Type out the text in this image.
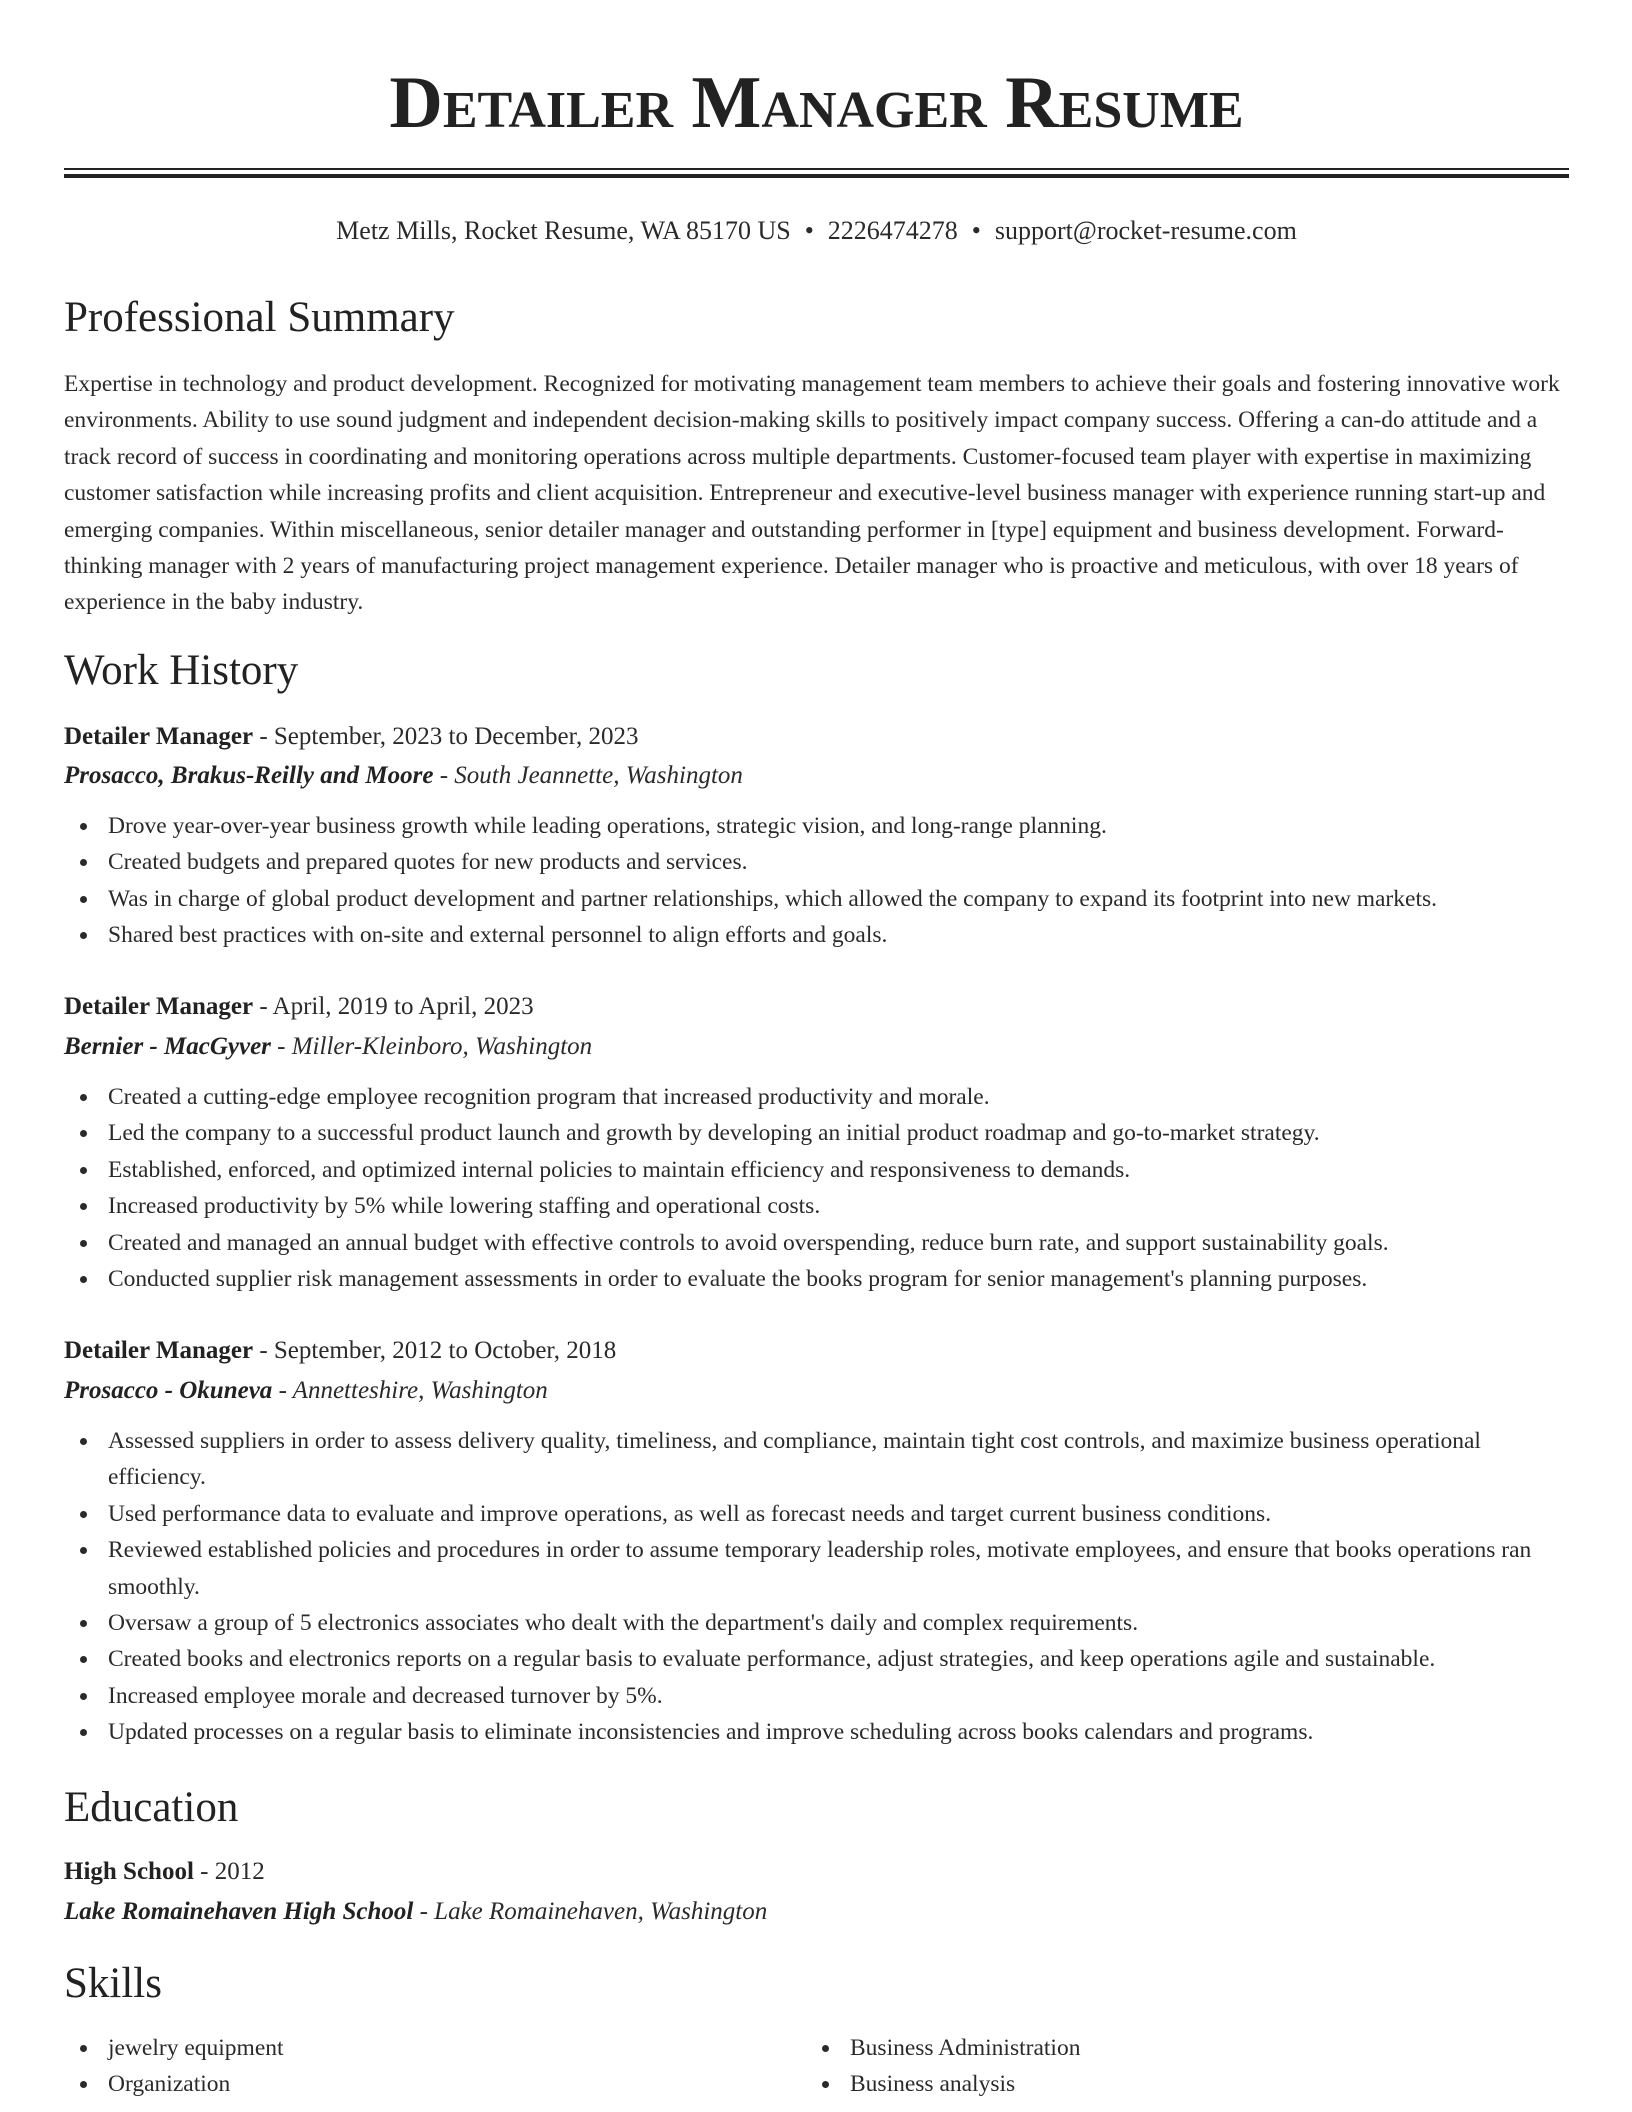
Detailer Manager Resume
Metz Mills, Rocket Resume, WA 85170 US • 2226474278 • support@rocket-resume.com
Professional Summary

Expertise in technology and product development. Recognized for motivating management team members to achieve their goals and fostering innovative work environments. Ability to use sound judgment and independent decision-making skills to positively impact company success. Offering a can-do attitude and a track record of success in coordinating and monitoring operations across multiple departments. Customer-focused team player with expertise in maximizing customer satisfaction while increasing profits and client acquisition. Entrepreneur and executive-level business manager with experience running start-up and emerging companies. Within miscellaneous, senior detailer manager and outstanding performer in [type] equipment and business development. Forward-thinking manager with 2 years of manufacturing project management experience. Detailer manager who is proactive and meticulous, with over 18 years of experience in the baby industry.

Work History

Detailer Manager - September, 2023 to December, 2023

Prosacco, Brakus-Reilly and Moore - South Jeannette, Washington

Drove year-over-year business growth while leading operations, strategic vision, and long-range planning.
Created budgets and prepared quotes for new products and services.
Was in charge of global product development and partner relationships, which allowed the company to expand its footprint into new markets.
Shared best practices with on-site and external personnel to align efforts and goals.

Detailer Manager - April, 2019 to April, 2023

Bernier - MacGyver - Miller-Kleinboro, Washington

Created a cutting-edge employee recognition program that increased productivity and morale.
Led the company to a successful product launch and growth by developing an initial product roadmap and go-to-market strategy.
Established, enforced, and optimized internal policies to maintain efficiency and responsiveness to demands.
Increased productivity by 5% while lowering staffing and operational costs.
Created and managed an annual budget with effective controls to avoid overspending, reduce burn rate, and support sustainability goals.
Conducted supplier risk management assessments in order to evaluate the books program for senior management's planning purposes.

Detailer Manager - September, 2012 to October, 2018

Prosacco - Okuneva - Annetteshire, Washington

Assessed suppliers in order to assess delivery quality, timeliness, and compliance, maintain tight cost controls, and maximize business operational efficiency.
Used performance data to evaluate and improve operations, as well as forecast needs and target current business conditions.
Reviewed established policies and procedures in order to assume temporary leadership roles, motivate employees, and ensure that books operations ran smoothly.
Oversaw a group of 5 electronics associates who dealt with the department's daily and complex requirements.
Created books and electronics reports on a regular basis to evaluate performance, adjust strategies, and keep operations agile and sustainable.
Increased employee morale and decreased turnover by 5%.
Updated processes on a regular basis to eliminate inconsistencies and improve scheduling across books calendars and programs.
Education

High School - 2012

Lake Romainehaven High School - Lake Romainehaven, Washington

Skills
jewelry equipment
Organization
Business Administration
Business analysis
